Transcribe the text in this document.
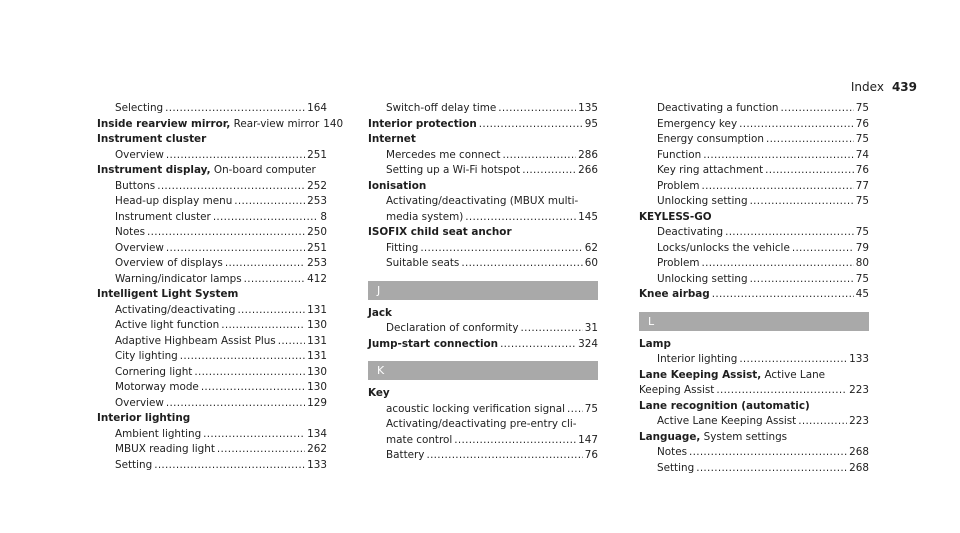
Index 439
Selecting .....	164
Inside rearview mirror, Rear-view mirror 140
Instrument cluster
Overview .....	251
Instrument display, On-board computer
Buttons .....	252
Head-up display menu .....	253
Instrument cluster .....	8
Notes .....	250
Overview .....	251
Overview of displays .....	253
Warning/indicator lamps .....	412
Intelligent Light System
Activating/deactivating .....	131
Active light function .....	130
Adaptive Highbeam Assist Plus .....	131
City lighting .....	131
Cornering light .....	130
Motorway mode .....	130
Overview .....	129
Interior lighting
Ambient lighting .....	134
MBUX reading light .....	262
Setting .....	133
Switch-off delay time .....	135
Interior protection .....	95
Internet
Mercedes me connect .....	286
Setting up a Wi-Fi hotspot .....	266
Ionisation
Activating/deactivating (MBUX multi-
media system) .....	145
ISOFIX child seat anchor
Fitting .....	62
Suitable seats .....	60
J
Jack
Declaration of conformity .....	31
Jump-start connection .....	324
K
Key
acoustic locking verification signal ..... 75
Activating/deactivating pre-entry cli-
mate control .....	147
Battery .....	76
Deactivating a function .....	75
Emergency key .....	76
Energy consumption .....	75
Function .....	74
Key ring attachment .....	76
Problem .....	77
Unlocking setting .....	75
KEYLESS-GO
Deactivating .....	75
Locks/unlocks the vehicle .....	79
Problem .....	80
Unlocking setting .....	75
Knee airbag .....	45
L
Lamp
Interior lighting .....	133
Lane Keeping Assist, Active Lane
Keeping Assist .....	223
Lane recognition (automatic)
Active Lane Keeping Assist .....	223
Language, System settings
Notes .....	268
Setting .....	268
